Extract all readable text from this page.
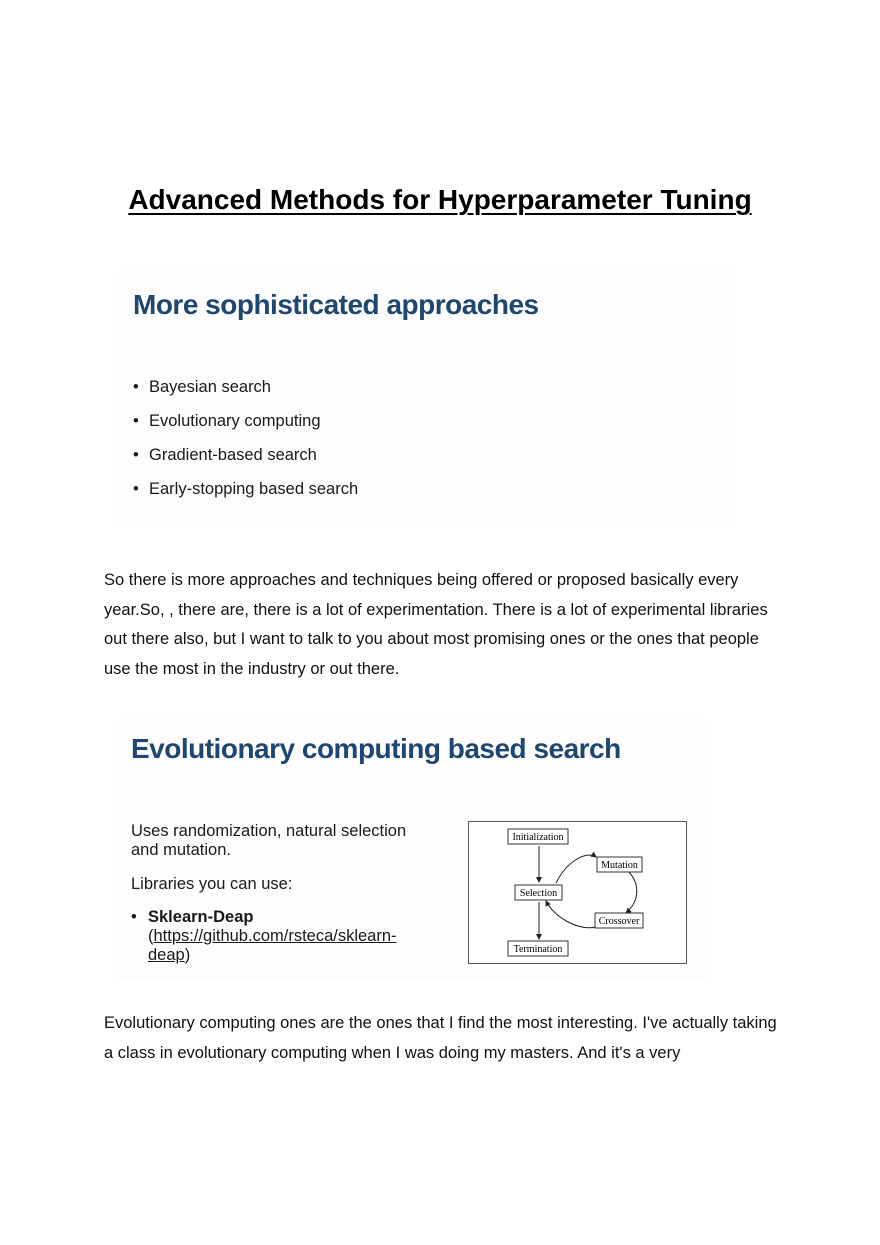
Advanced Methods for Hyperparameter Tuning
More sophisticated approaches
• Bayesian search
• Evolutionary computing
• Gradient-based search
• Early-stopping based search

So there is more approaches and techniques being offered or proposed basically every year.So, , there are, there is a lot of experimentation. There is a lot of experimental libraries out there also, but I want to talk to you about most promising ones or the ones that people use the most in the industry or out there.

Evolutionary computing based search
Uses randomization, natural selection and mutation.
Libraries you can use:
• Sklearn-Deap (https://github.com/rsteca/sklearn-deap)
Initialization
Mutation
Selection
Crossover
Termination

Evolutionary computing ones are the ones that I find the most interesting. I've actually taking a class in evolutionary computing when I was doing my masters. And it's a very
